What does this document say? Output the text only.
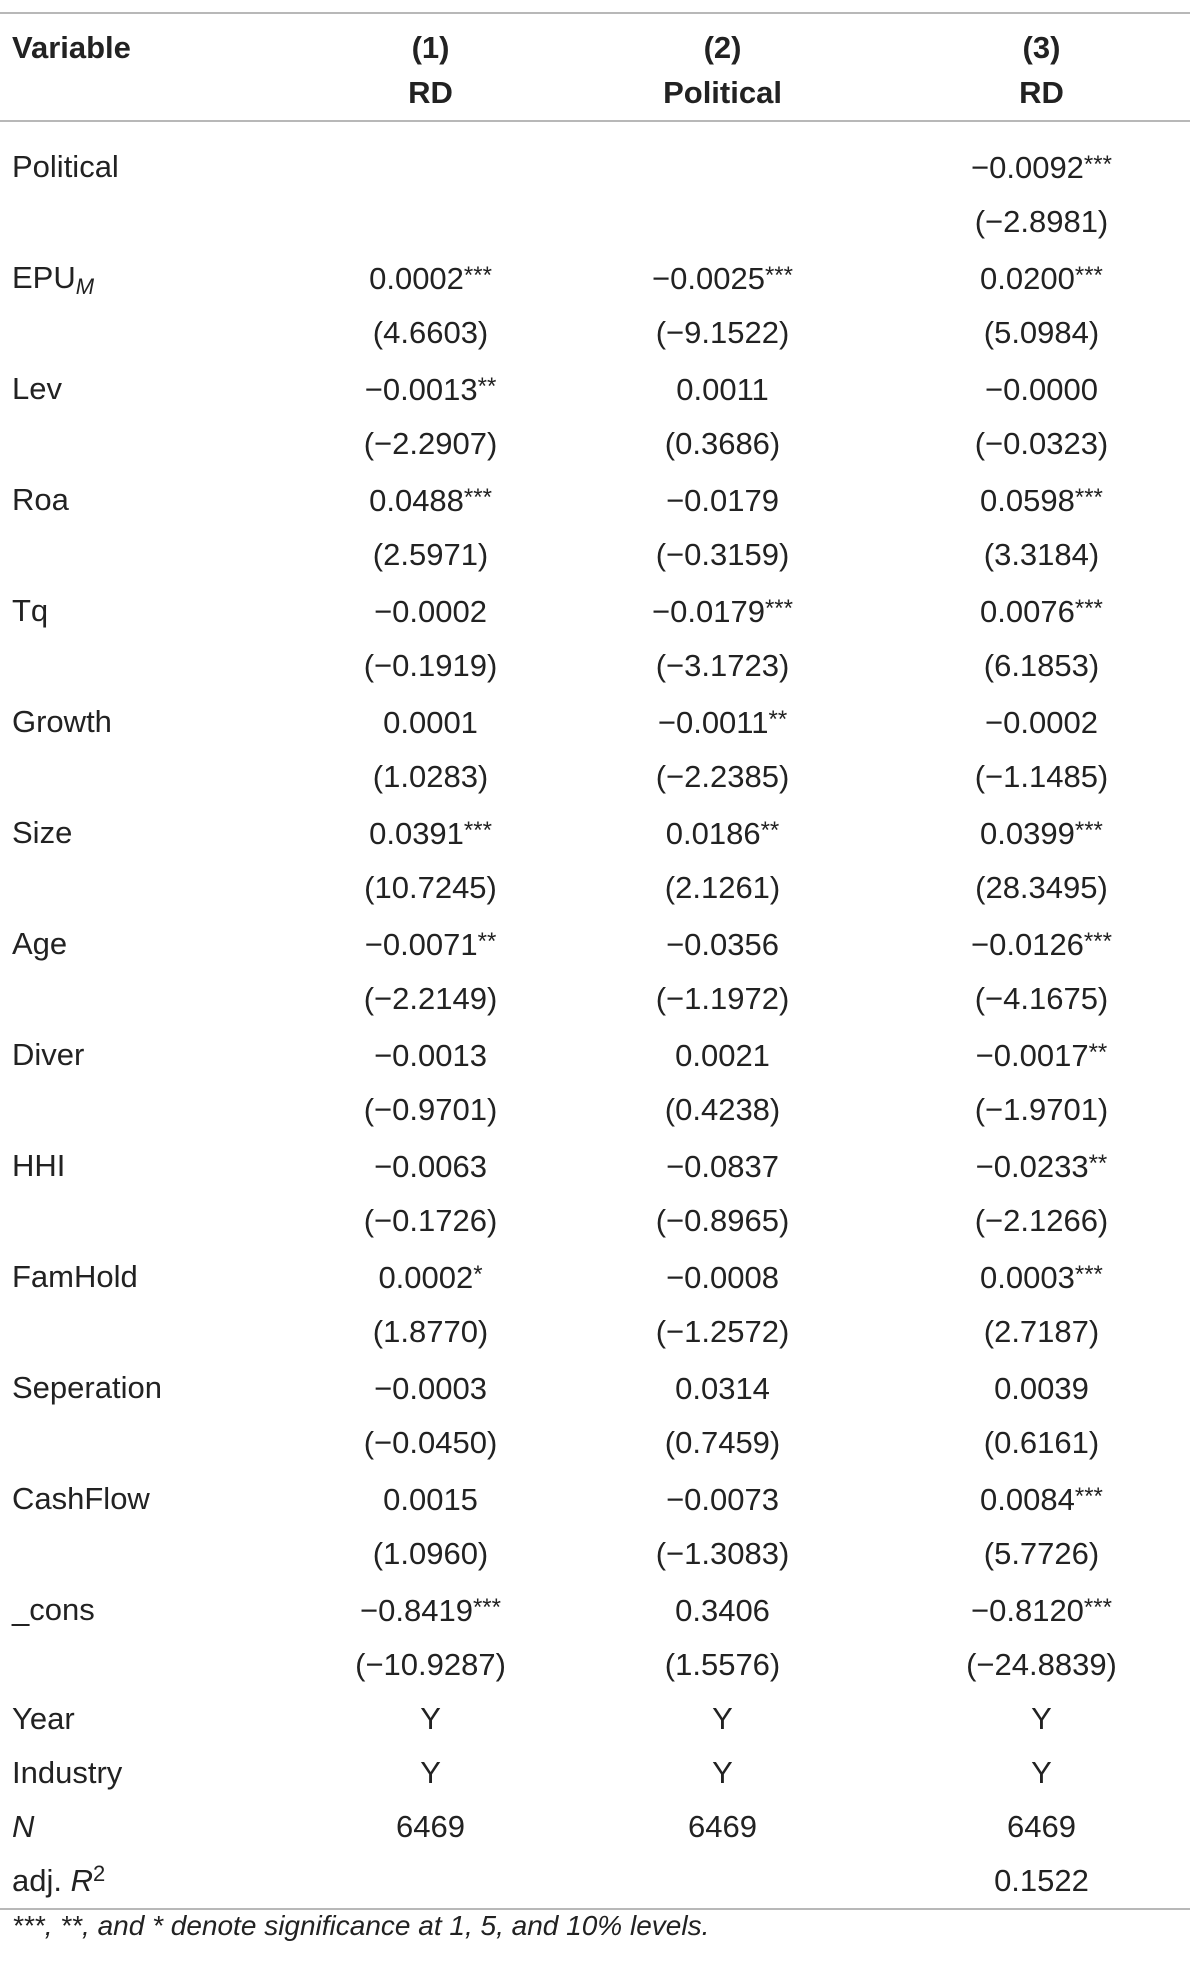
Variable	(1)	(2)	(3)
	RD	Political	RD
Political			−0.0092***
			(−2.8981)
$EPU_M$	0.0002***	−0.0025***	0.0200***
	(4.6603)	(−9.1522)	(5.0984)
Lev	−0.0013**	0.0011	−0.0000
	(−2.2907)	(0.3686)	(−0.0323)
Roa	0.0488***	−0.0179	0.0598***
	(2.5971)	(−0.3159)	(3.3184)
Tq	−0.0002	−0.0179***	0.0076***
	(−0.1919)	(−3.1723)	(6.1853)
Growth	0.0001	−0.0011**	−0.0002
	(1.0283)	(−2.2385)	(−1.1485)
Size	0.0391***	0.0186**	0.0399***
	(10.7245)	(2.1261)	(28.3495)
Age	−0.0071**	−0.0356	−0.0126***
	(−2.2149)	(−1.1972)	(−4.1675)
Diver	−0.0013	0.0021	−0.0017**
	(−0.9701)	(0.4238)	(−1.9701)
HHI	−0.0063	−0.0837	−0.0233**
	(−0.1726)	(−0.8965)	(−2.1266)
FamHold	0.0002*	−0.0008	0.0003***
	(1.8770)	(−1.2572)	(2.7187)
Seperation	−0.0003	0.0314	0.0039
	(−0.0450)	(0.7459)	(0.6161)
CashFlow	0.0015	−0.0073	0.0084***
	(1.0960)	(−1.3083)	(5.7726)
_cons	−0.8419***	0.3406	−0.8120***
	(−10.9287)	(1.5576)	(−24.8839)
Year	Y	Y	Y
Industry	Y	Y	Y
N	6469	6469	6469
adj. $R^2$			0.1522
***, **, and * denote significance at 1, 5, and 10% levels.
